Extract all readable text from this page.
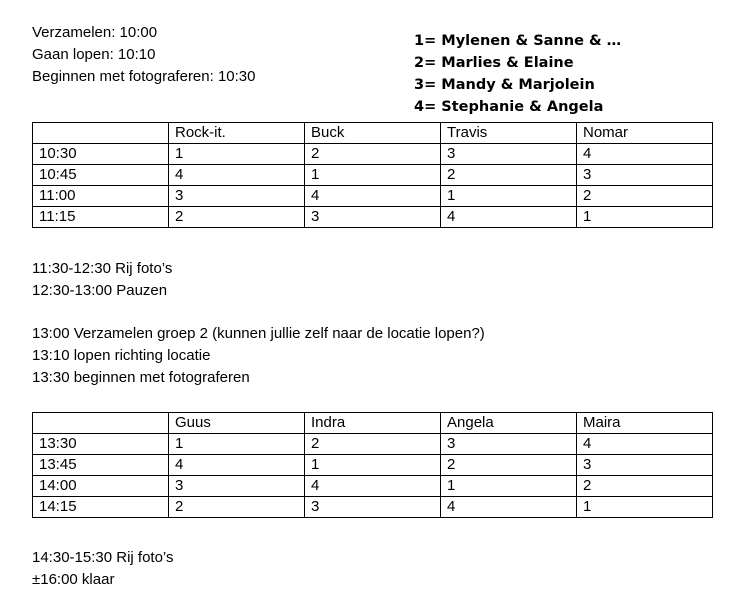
Verzamelen: 10:00
Gaan lopen: 10:10
Beginnen met fotograferen: 10:30
1= Mylenen & Sanne & …
2= Marlies & Elaine
3= Mandy & Marjolein
4= Stephanie & Angela
	Rock-it.	Buck	Travis	Nomar
10:30	1	2	3	4
10:45	4	1	2	3
11:00	3	4	1	2
11:15	2	3	4	1
11:30-12:30 Rij foto’s
12:30-13:00 Pauzen
13:00 Verzamelen groep 2 (kunnen jullie zelf naar de locatie lopen?)
13:10 lopen richting locatie
13:30 beginnen met fotograferen
	Guus	Indra	Angela	Maira
13:30	1	2	3	4
13:45	4	1	2	3
14:00	3	4	1	2
14:15	2	3	4	1
14:30-15:30 Rij foto’s
±16:00 klaar
